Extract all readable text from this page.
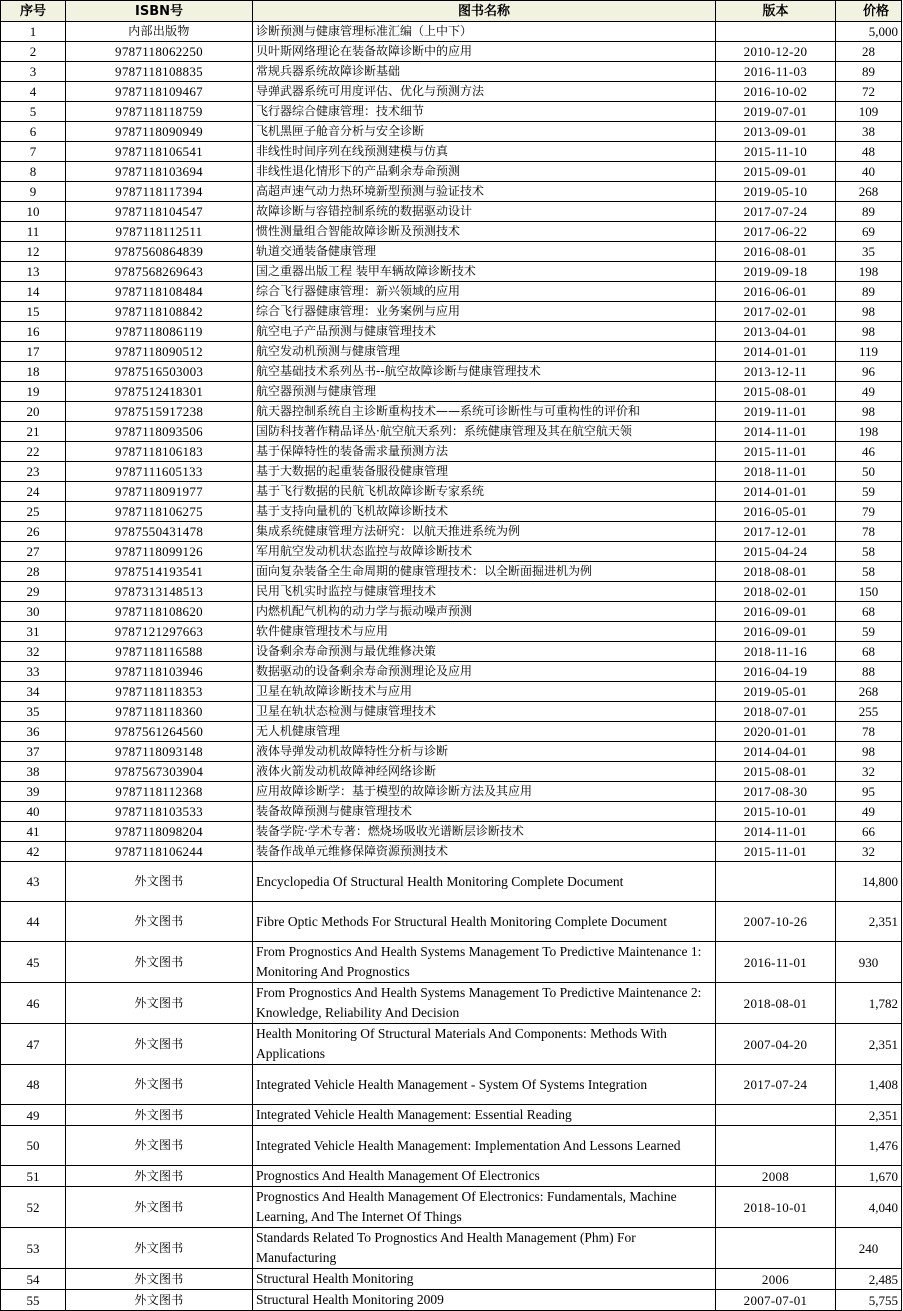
序号	ISBN号	图书名称	版本	价格
1	内部出版物	诊断预测与健康管理标准汇编（上中下）		5,000
2	9787118062250	贝叶斯网络理论在装备故障诊断中的应用	2010-12-20	28
3	9787118108835	常规兵器系统故障诊断基础	2016-11-03	89
4	9787118109467	导弹武器系统可用度评估、优化与预测方法	2016-10-02	72
5	9787118118759	飞行器综合健康管理：技术细节	2019-07-01	109
6	9787118090949	飞机黑匣子舱音分析与安全诊断	2013-09-01	38
7	9787118106541	非线性时间序列在线预测建模与仿真	2015-11-10	48
8	9787118103694	非线性退化情形下的产品剩余寿命预测	2015-09-01	40
9	9787118117394	高超声速气动力热环境新型预测与验证技术	2019-05-10	268
10	9787118104547	故障诊断与容错控制系统的数据驱动设计	2017-07-24	89
11	9787118112511	惯性测量组合智能故障诊断及预测技术	2017-06-22	69
12	9787560864839	轨道交通装备健康管理	2016-08-01	35
13	9787568269643	国之重器出版工程 装甲车辆故障诊断技术	2019-09-18	198
14	9787118108484	综合飞行器健康管理：新兴领域的应用	2016-06-01	89
15	9787118108842	综合飞行器健康管理：业务案例与应用	2017-02-01	98
16	9787118086119	航空电子产品预测与健康管理技术	2013-04-01	98
17	9787118090512	航空发动机预测与健康管理	2014-01-01	119
18	9787516503003	航空基础技术系列丛书--航空故障诊断与健康管理技术	2013-12-11	96
19	9787512418301	航空器预测与健康管理	2015-08-01	49
20	9787515917238	航天器控制系统自主诊断重构技术——系统可诊断性与可重构性的评价和	2019-11-01	98
21	9787118093506	国防科技著作精品译丛·航空航天系列：系统健康管理及其在航空航天领	2014-11-01	198
22	9787118106183	基于保障特性的装备需求量预测方法	2015-11-01	46
23	9787111605133	基于大数据的起重装备服役健康管理	2018-11-01	50
24	9787118091977	基于飞行数据的民航飞机故障诊断专家系统	2014-01-01	59
25	9787118106275	基于支持向量机的飞机故障诊断技术	2016-05-01	79
26	9787550431478	集成系统健康管理方法研究：以航天推进系统为例	2017-12-01	78
27	9787118099126	军用航空发动机状态监控与故障诊断技术	2015-04-24	58
28	9787514193541	面向复杂装备全生命周期的健康管理技术：以全断面掘进机为例	2018-08-01	58
29	9787313148513	民用飞机实时监控与健康管理技术	2018-02-01	150
30	9787118108620	内燃机配气机构的动力学与振动噪声预测	2016-09-01	68
31	9787121297663	软件健康管理技术与应用	2016-09-01	59
32	9787118116588	设备剩余寿命预测与最优维修决策	2018-11-16	68
33	9787118103946	数据驱动的设备剩余寿命预测理论及应用	2016-04-19	88
34	9787118118353	卫星在轨故障诊断技术与应用	2019-05-01	268
35	9787118118360	卫星在轨状态检测与健康管理技术	2018-07-01	255
36	9787561264560	无人机健康管理	2020-01-01	78
37	9787118093148	液体导弹发动机故障特性分析与诊断	2014-04-01	98
38	9787567303904	液体火箭发动机故障神经网络诊断	2015-08-01	32
39	9787118112368	应用故障诊断学：基于模型的故障诊断方法及其应用	2017-08-30	95
40	9787118103533	装备故障预测与健康管理技术	2015-10-01	49
41	9787118098204	装备学院·学术专著：燃烧场吸收光谱断层诊断技术	2014-11-01	66
42	9787118106244	装备作战单元维修保障资源预测技术	2015-11-01	32
43	外文图书	Encyclopedia Of Structural Health Monitoring Complete Document		14,800
44	外文图书	Fibre Optic Methods For Structural Health Monitoring Complete Document	2007-10-26	2,351
45	外文图书	From Prognostics And Health Systems Management To Predictive Maintenance 1: Monitoring And Prognostics	2016-11-01	930
46	外文图书	From Prognostics And Health Systems Management To Predictive Maintenance 2: Knowledge, Reliability And Decision	2018-08-01	1,782
47	外文图书	Health Monitoring Of Structural Materials And Components: Methods With Applications	2007-04-20	2,351
48	外文图书	Integrated Vehicle Health Management - System Of Systems Integration	2017-07-24	1,408
49	外文图书	Integrated Vehicle Health Management: Essential Reading		2,351
50	外文图书	Integrated Vehicle Health Management: Implementation And Lessons Learned		1,476
51	外文图书	Prognostics And Health Management Of Electronics	2008	1,670
52	外文图书	Prognostics And Health Management Of Electronics: Fundamentals, Machine Learning, And The Internet Of Things	2018-10-01	4,040
53	外文图书	Standards Related To Prognostics And Health Management (Phm) For Manufacturing		240
54	外文图书	Structural Health Monitoring	2006	2,485
55	外文图书	Structural Health Monitoring 2009	2007-07-01	5,755
